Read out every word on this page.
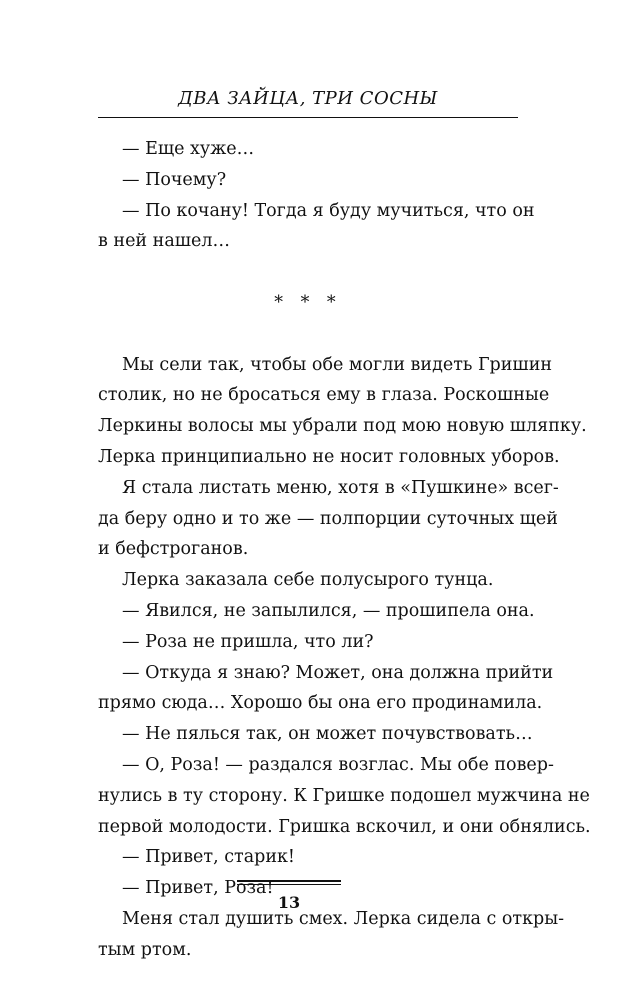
ДВА ЗАЙЦА, ТРИ СОСНЫ
— Еще хуже…
— Почему?
— По кочану! Тогда я буду мучиться, что он
в ней нашел…
* * *
Мы сели так, чтобы обе могли видеть Гришин
столик, но не бросаться ему в глаза. Роскошные
Леркины волосы мы убрали под мою новую шляпку.
Лерка принципиально не носит головных уборов.
Я стала листать меню, хотя в «Пушкине» всег-
да беру одно и то же — полпорции суточных щей
и бефстроганов.
Лерка заказала себе полусырого тунца.
— Явился, не запылился, — прошипела она.
— Роза не пришла, что ли?
— Откуда я знаю? Может, она должна прийти
прямо сюда… Хорошо бы она его продинамила.
— Не пялься так, он может почувствовать…
— О, Роза! — раздался возглас. Мы обе повер-
нулись в ту сторону. К Гришке подошел мужчина не
первой молодости. Гришка вскочил, и они обнялись.
— Привет, старик!
— Привет, Роза!
Меня стал душить смех. Лерка сидела с откры-
тым ртом.
13
